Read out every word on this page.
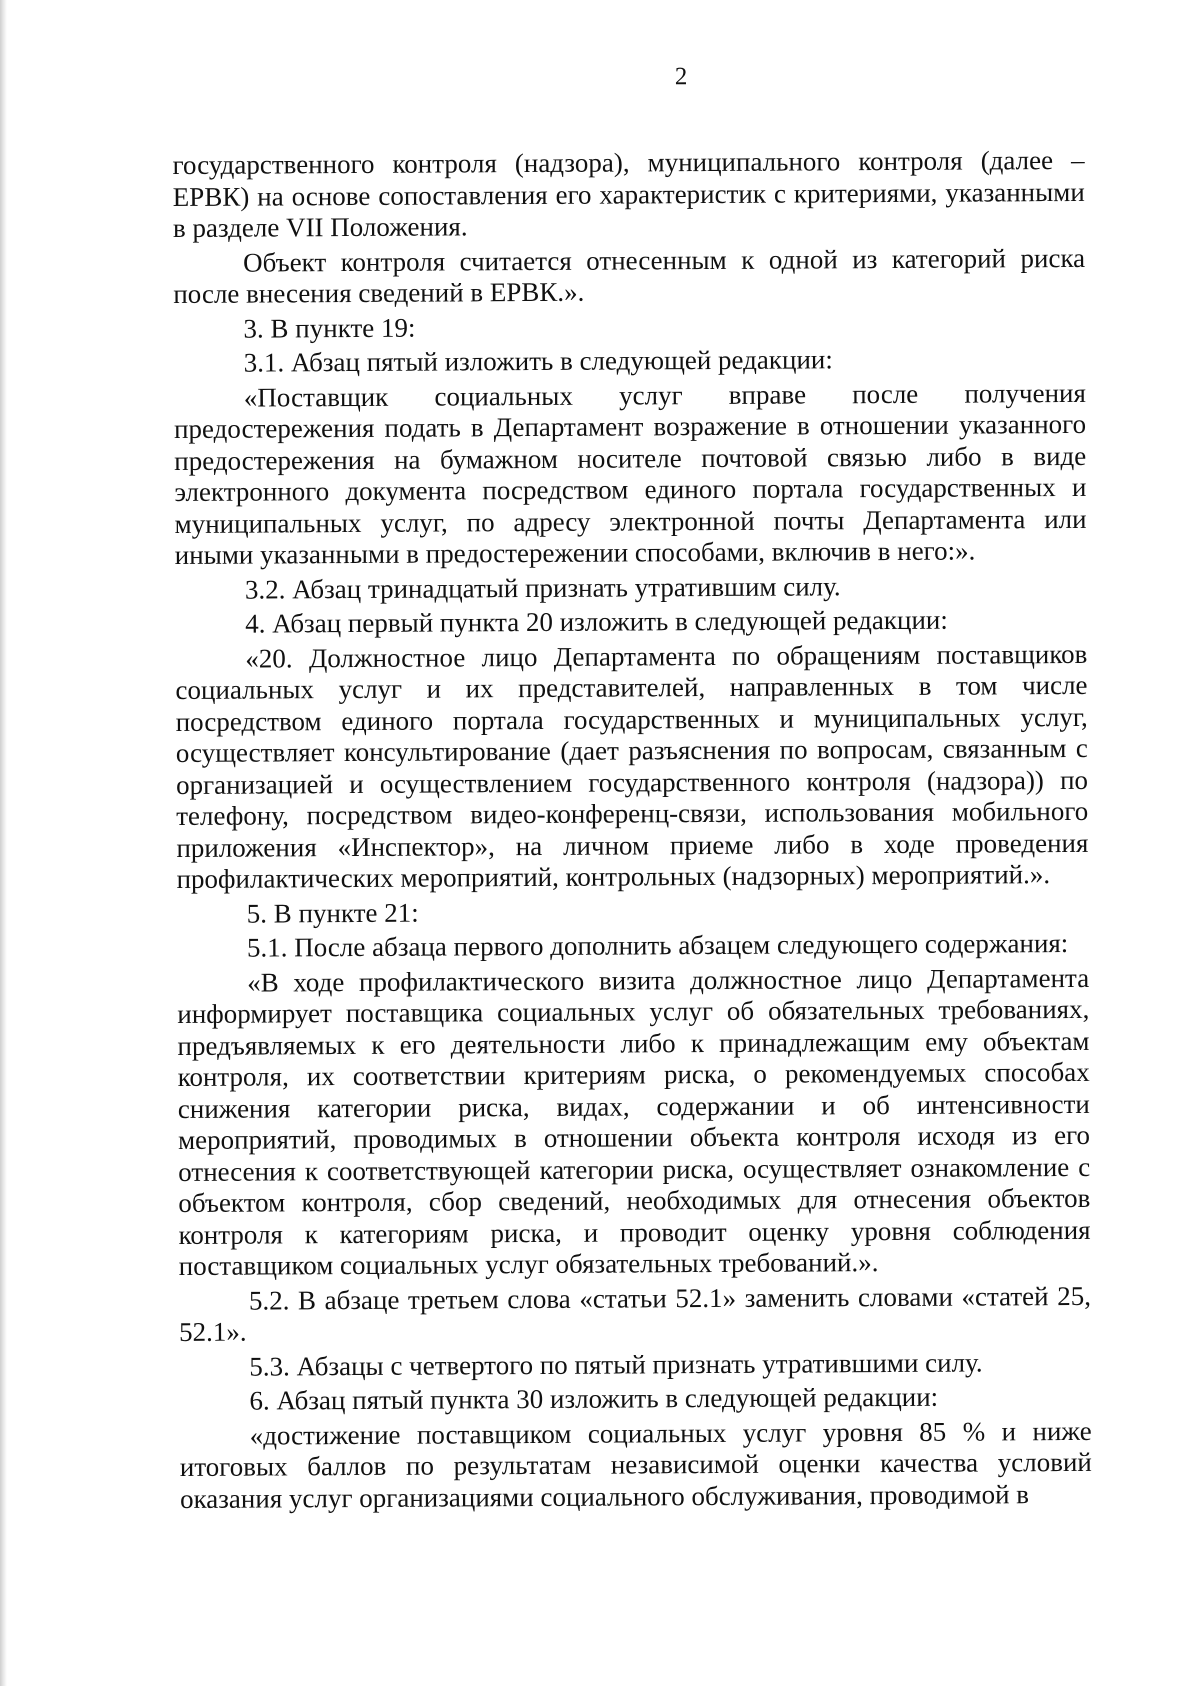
2

государственного контроля (надзора), муниципального контроля (далее – ЕРВК) на основе сопоставления его характеристик с критериями, указанными в разделе VII Положения.

Объект контроля считается отнесенным к одной из категорий риска после внесения сведений в ЕРВК.».

3. В пункте 19:

3.1. Абзац пятый изложить в следующей редакции:

«Поставщик социальных услуг вправе после получения предостережения подать в Департамент возражение в отношении указанного предостережения на бумажном носителе почтовой связью либо в виде электронного документа посредством единого портала государственных и муниципальных услуг, по адресу электронной почты Департамента или иными указанными в предостережении способами, включив в него:».

3.2. Абзац тринадцатый признать утратившим силу.

4. Абзац первый пункта 20 изложить в следующей редакции:

«20. Должностное лицо Департамента по обращениям поставщиков социальных услуг и их представителей, направленных в том числе посредством единого портала государственных и муниципальных услуг, осуществляет консультирование (дает разъяснения по вопросам, связанным с организацией и осуществлением государственного контроля (надзора)) по телефону, посредством видео-конференц-связи, использования мобильного приложения «Инспектор», на личном приеме либо в ходе проведения профилактических мероприятий, контрольных (надзорных) мероприятий.».

5. В пункте 21:

5.1. После абзаца первого дополнить абзацем следующего содержания:

«В ходе профилактического визита должностное лицо Департамента информирует поставщика социальных услуг об обязательных требованиях, предъявляемых к его деятельности либо к принадлежащим ему объектам контроля, их соответствии критериям риска, о рекомендуемых способах снижения категории риска, видах, содержании и об интенсивности мероприятий, проводимых в отношении объекта контроля исходя из его отнесения к соответствующей категории риска, осуществляет ознакомление с объектом контроля, сбор сведений, необходимых для отнесения объектов контроля к категориям риска, и проводит оценку уровня соблюдения поставщиком социальных услуг обязательных требований.».

5.2. В абзаце третьем слова «статьи 52.1» заменить словами «статей 25, 52.1».

5.3. Абзацы с четвертого по пятый признать утратившими силу.

6. Абзац пятый пункта 30 изложить в следующей редакции:

«достижение поставщиком социальных услуг уровня 85 % и ниже итоговых баллов по результатам независимой оценки качества условий оказания услуг организациями социального обслуживания, проводимой в
